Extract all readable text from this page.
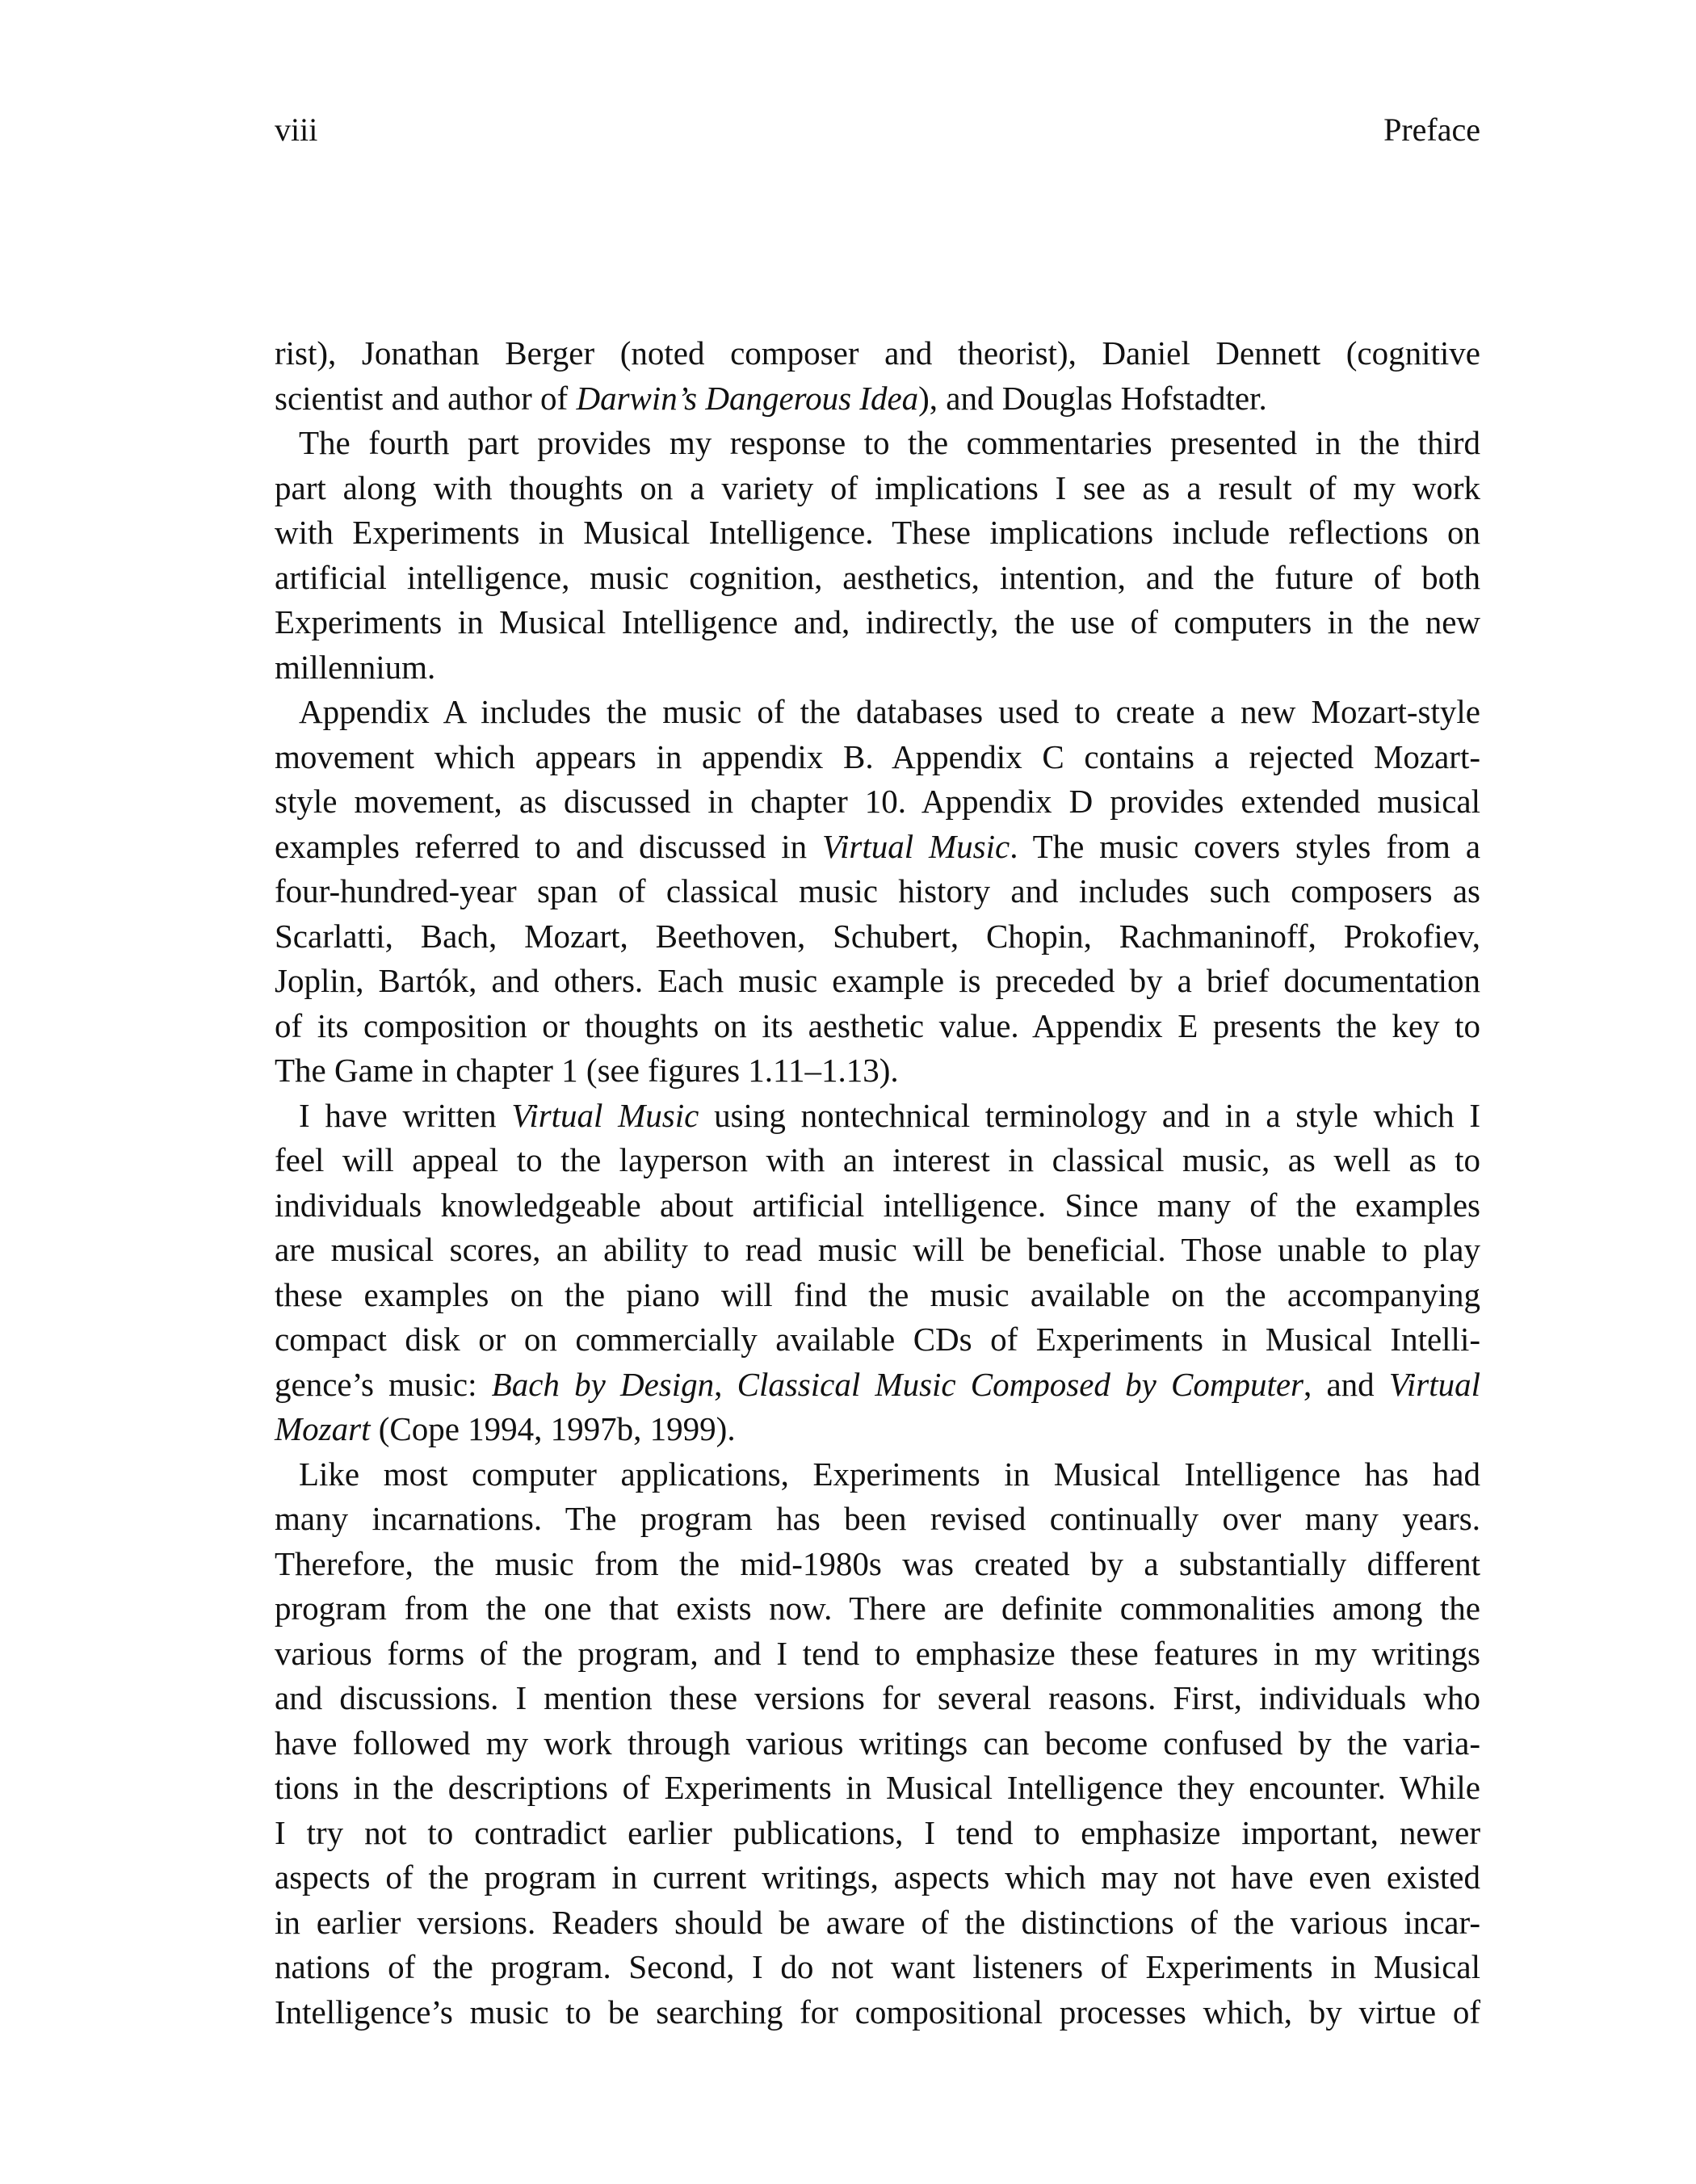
viii	Preface
rist), Jonathan Berger (noted composer and theorist), Daniel Dennett (cognitive
scientist and author of Darwin’s Dangerous Idea), and Douglas Hofstadter.
The fourth part provides my response to the commentaries presented in the third
part along with thoughts on a variety of implications I see as a result of my work
with Experiments in Musical Intelligence. These implications include reflections on
artificial intelligence, music cognition, aesthetics, intention, and the future of both
Experiments in Musical Intelligence and, indirectly, the use of computers in the new
millennium.
Appendix A includes the music of the databases used to create a new Mozart-style
movement which appears in appendix B. Appendix C contains a rejected Mozart-
style movement, as discussed in chapter 10. Appendix D provides extended musical
examples referred to and discussed in Virtual Music. The music covers styles from a
four-hundred-year span of classical music history and includes such composers as
Scarlatti, Bach, Mozart, Beethoven, Schubert, Chopin, Rachmaninoff, Prokofiev,
Joplin, Bartók, and others. Each music example is preceded by a brief documentation
of its composition or thoughts on its aesthetic value. Appendix E presents the key to
The Game in chapter 1 (see figures 1.11–1.13).
I have written Virtual Music using nontechnical terminology and in a style which I
feel will appeal to the layperson with an interest in classical music, as well as to
individuals knowledgeable about artificial intelligence. Since many of the examples
are musical scores, an ability to read music will be beneficial. Those unable to play
these examples on the piano will find the music available on the accompanying
compact disk or on commercially available CDs of Experiments in Musical Intelli-
gence’s music: Bach by Design, Classical Music Composed by Computer, and Virtual
Mozart (Cope 1994, 1997b, 1999).
Like most computer applications, Experiments in Musical Intelligence has had
many incarnations. The program has been revised continually over many years.
Therefore, the music from the mid-1980s was created by a substantially different
program from the one that exists now. There are definite commonalities among the
various forms of the program, and I tend to emphasize these features in my writings
and discussions. I mention these versions for several reasons. First, individuals who
have followed my work through various writings can become confused by the varia-
tions in the descriptions of Experiments in Musical Intelligence they encounter. While
I try not to contradict earlier publications, I tend to emphasize important, newer
aspects of the program in current writings, aspects which may not have even existed
in earlier versions. Readers should be aware of the distinctions of the various incar-
nations of the program. Second, I do not want listeners of Experiments in Musical
Intelligence’s music to be searching for compositional processes which, by virtue of
